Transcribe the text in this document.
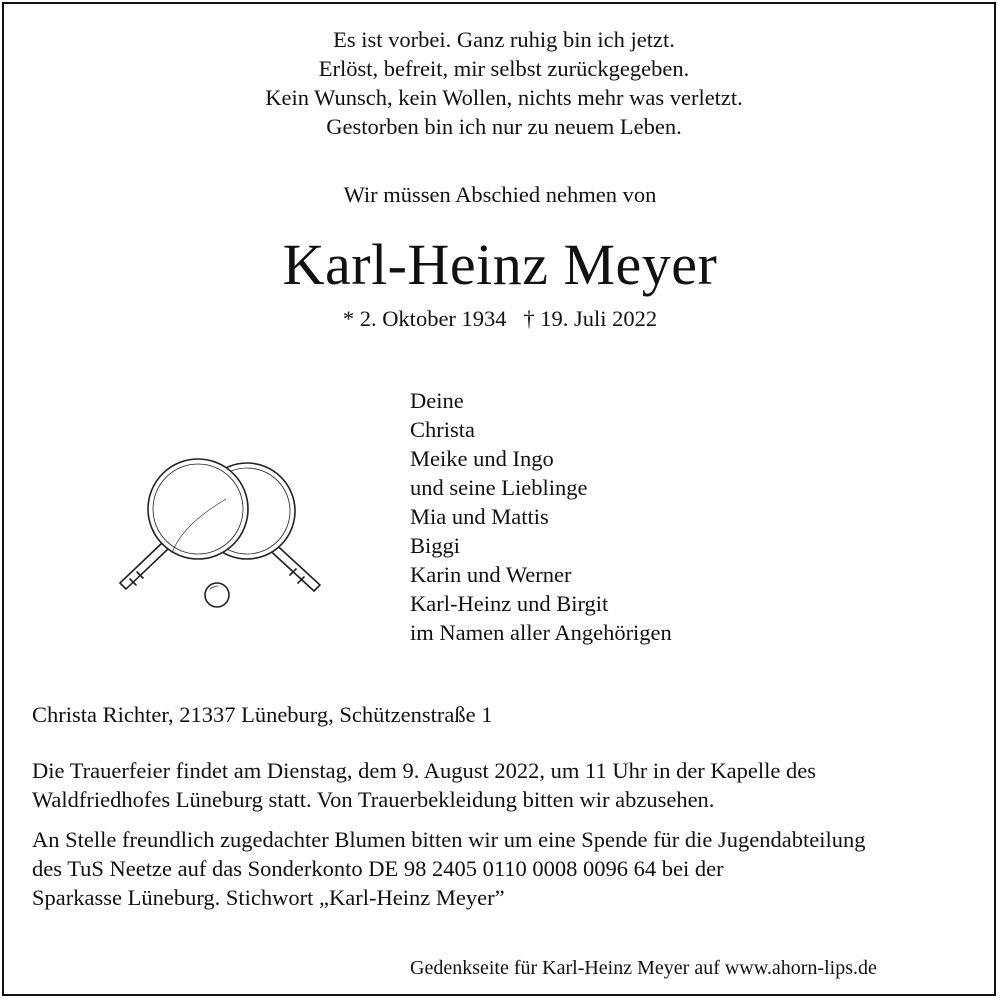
Es ist vorbei. Ganz ruhig bin ich jetzt.
Erlöst, befreit, mir selbst zurückgegeben.
Kein Wunsch, kein Wollen, nichts mehr was verletzt.
Gestorben bin ich nur zu neuem Leben.
Wir müssen Abschied nehmen von
Karl-Heinz Meyer
* 2. Oktober 1934 † 19. Juli 2022
Deine
Christa
Meike und Ingo
und seine Lieblinge
Mia und Mattis
Biggi
Karin und Werner
Karl-Heinz und Birgit
im Namen aller Angehörigen
Christa Richter, 21337 Lüneburg, Schützenstraße 1
Die Trauerfeier findet am Dienstag, dem 9. August 2022, um 11 Uhr in der Kapelle des
Waldfriedhofes Lüneburg statt. Von Trauerbekleidung bitten wir abzusehen.
An Stelle freundlich zugedachter Blumen bitten wir um eine Spende für die Jugendabteilung
des TuS Neetze auf das Sonderkonto DE 98 2405 0110 0008 0096 64 bei der
Sparkasse Lüneburg. Stichwort „Karl-Heinz Meyer”
Gedenkseite für Karl-Heinz Meyer auf www.ahorn-lips.de
